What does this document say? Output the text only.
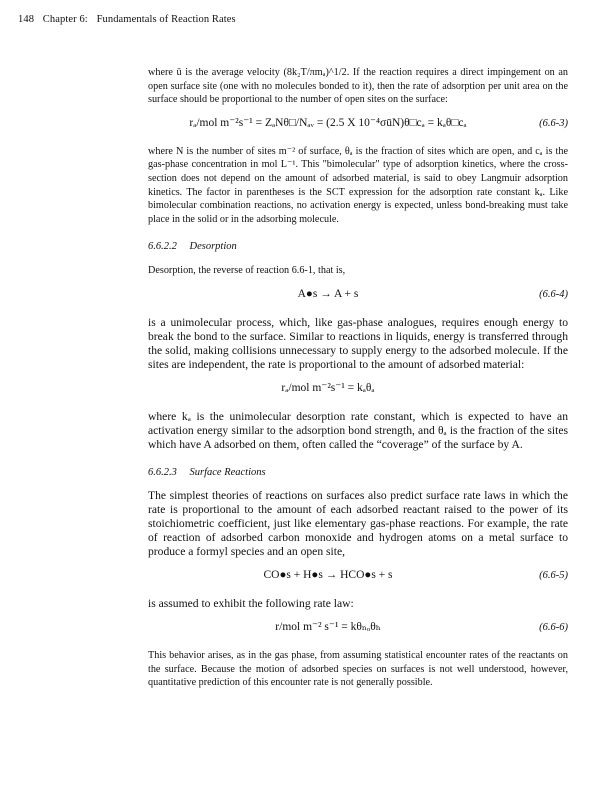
148 Chapter 6: Fundamentals of Reaction Rates

where ū is the average velocity (8k₂T/πmₐ)^1/2. If the reaction requires a direct impingement on an open surface site (one with no molecules bonded to it), then the rate of adsorption per unit area on the surface should be proportional to the number of open sites on the surface:

rₐ/mol m⁻²s⁻¹ = ZₐNθ□/Nₐᵥ = (2.5 X 10⁻⁴σūN)θ□cₐ = kₐθ□cₐ	(6.6-3)

where N is the number of sites m⁻² of surface, θₐ is the fraction of sites which are open, and cₐ is the gas-phase concentration in mol L⁻¹. This "bimolecular" type of adsorption kinetics, where the cross-section does not depend on the amount of adsorbed material, is said to obey Langmuir adsorption kinetics. The factor in parentheses is the SCT expression for the adsorption rate constant kₐ. Like bimolecular combination reactions, no activation energy is expected, unless bond-breaking must take place in the solid or in the adsorbing molecule.

6.6.2.2 Desorption

Desorption, the reverse of reaction 6.6-1, that is,

A●s → A + s	(6.6-4)

is a unimolecular process, which, like gas-phase analogues, requires enough energy to break the bond to the surface. Similar to reactions in liquids, energy is transferred through the solid, making collisions unnecessary to supply energy to the adsorbed molecule. If the sites are independent, the rate is proportional to the amount of adsorbed material:

rₐ/mol m⁻²s⁻¹ = kₐθₐ

where kₐ is the unimolecular desorption rate constant, which is expected to have an activation energy similar to the adsorption bond strength, and θₐ is the fraction of the sites which have A adsorbed on them, often called the “coverage” of the surface by A.

6.6.2.3 Surface Reactions

The simplest theories of reactions on surfaces also predict surface rate laws in which the rate is proportional to the amount of each adsorbed reactant raised to the power of its stoichiometric coefficient, just like elementary gas-phase reactions. For example, the rate of reaction of adsorbed carbon monoxide and hydrogen atoms on a metal surface to produce a formyl species and an open site,

CO●s + H●s → HCO●s + s	(6.6-5)

is assumed to exhibit the following rate law:

r/mol m⁻² s⁻¹ = kθₙₒθₕ	(6.6-6)

This behavior arises, as in the gas phase, from assuming statistical encounter rates of the reactants on the surface. Because the motion of adsorbed species on surfaces is not well understood, however, quantitative prediction of this encounter rate is not generally possible.
